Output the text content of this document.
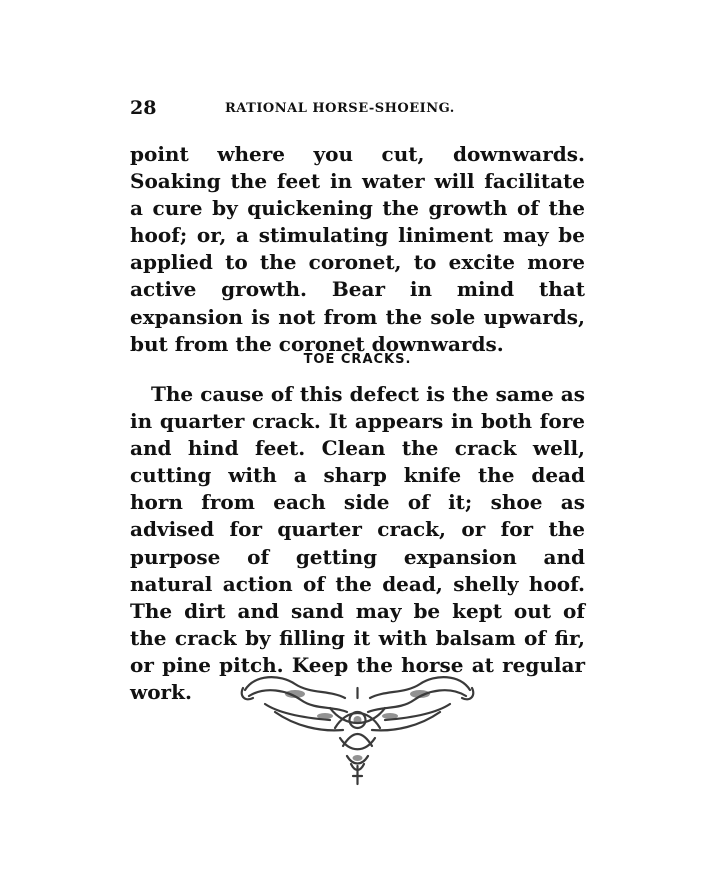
28	RATIONAL HORSE-SHOEING.

point where you cut, downwards. Soaking the feet in water will facilitate a cure by quickening the growth of the hoof; or, a stimulating liniment may be applied to the coronet, to excite more active growth. Bear in mind that expansion is not from the sole upwards, but from the coronet downwards.

TOE CRACKS.

The cause of this defect is the same as in quarter crack. It appears in both fore and hind feet. Clean the crack well, cutting with a sharp knife the dead horn from each side of it; shoe as advised for quarter crack, or for the purpose of getting expansion and natural action of the dead, shelly hoof. The dirt and sand may be kept out of the crack by filling it with balsam of fir, or pine pitch. Keep the horse at regular work.
